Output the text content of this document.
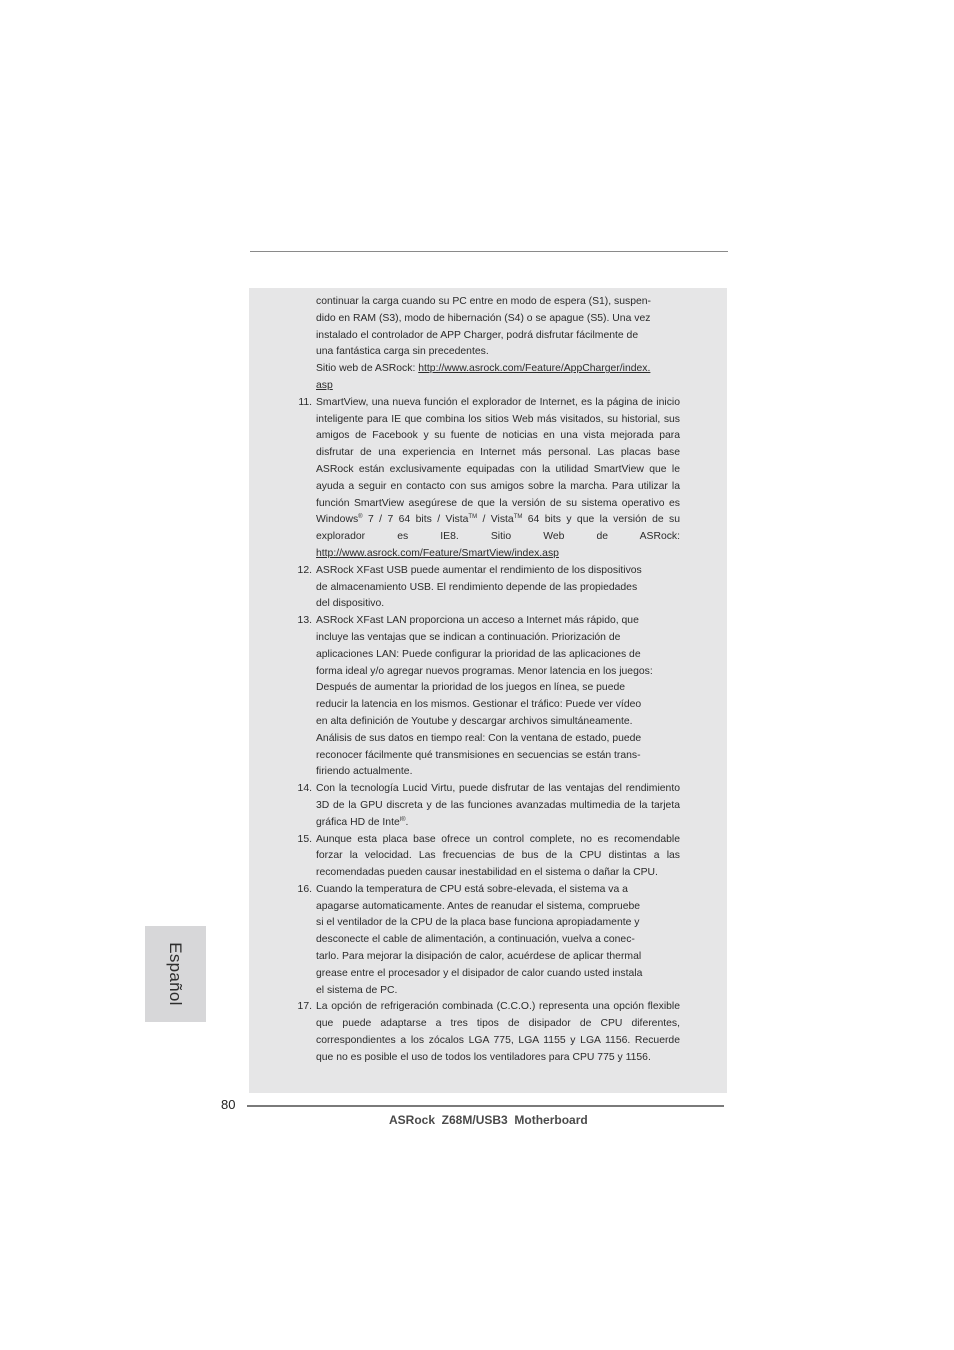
continuar la carga cuando su PC entre en modo de espera (S1), suspen-
dido en RAM (S3), modo de hibernación (S4) o se apague (S5). Una vez
instalado el controlador de APP Charger, podrá disfrutar fácilmente de
una fantástica carga sin precedentes.
Sitio web de ASRock: http://www.asrock.com/Feature/AppCharger/index.
asp
11. SmartView, una nueva función el explorador de Internet, es la página de inicio inteligente para IE que combina los sitios Web más visitados, su historial, sus amigos de Facebook y su fuente de noticias en una vista mejorada para disfrutar de una experiencia en Internet más personal. Las placas base ASRock están exclusivamente equipadas con la utilidad SmartView que le ayuda a seguir en contacto con sus amigos sobre la marcha. Para utilizar la función SmartView asegúrese de que la versión de su sistema operativo es Windows® 7 / 7 64 bits / Vista™ / Vista™ 64 bits y que la versión de su explorador es IE8. Sitio Web de ASRock: http://www.asrock.com/Feature/SmartView/index.asp
12. ASRock XFast USB puede aumentar el rendimiento de los dispositivos
de almacenamiento USB. El rendimiento depende de las propiedades
del dispositivo.
13. ASRock XFast LAN proporciona un acceso a Internet más rápido, que
incluye las ventajas que se indican a continuación. Priorización de
aplicaciones LAN: Puede configurar la prioridad de las aplicaciones de
forma ideal y/o agregar nuevos programas. Menor latencia en los juegos:
Después de aumentar la prioridad de los juegos en línea, se puede
reducir la latencia en los mismos. Gestionar el tráfico: Puede ver vídeo
en alta definición de Youtube y descargar archivos simultáneamente.
Análisis de sus datos en tiempo real: Con la ventana de estado, puede
reconocer fácilmente qué transmisiones en secuencias se están trans-
firiendo actualmente.
14. Con la tecnología Lucid Virtu, puede disfrutar de las ventajas del rendimiento 3D de la GPU discreta y de las funciones avanzadas multimedia de la tarjeta gráfica HD de Inte$^{l®}$.
15. Aunque esta placa base ofrece un control complete, no es recomendable forzar la velocidad. Las frecuencias de bus de la CPU distintas a las recomendadas pueden causar inestabilidad en el sistema o dañar la CPU.
16. Cuando la temperatura de CPU está sobre-elevada, el sistema va a
apagarse automaticamente. Antes de reanudar el sistema, compruebe
si el ventilador de la CPU de la placa base funciona apropiadamente y
desconecte el cable de alimentación, a continuación, vuelva a conec-
tarlo. Para mejorar la disipación de calor, acuérdese de aplicar thermal
grease entre el procesador y el disipador de calor cuando usted instala
el sistema de PC.
17. La opción de refrigeración combinada (C.C.O.) representa una opción flexible que puede adaptarse a tres tipos de disipador de CPU diferentes, correspondientes a los zócalos LGA 775, LGA 1155 y LGA 1156. Recuerde que no es posible el uso de todos los ventiladores para CPU 775 y 1156.
Español
80
ASRock  Z68M/USB3  Motherboard
